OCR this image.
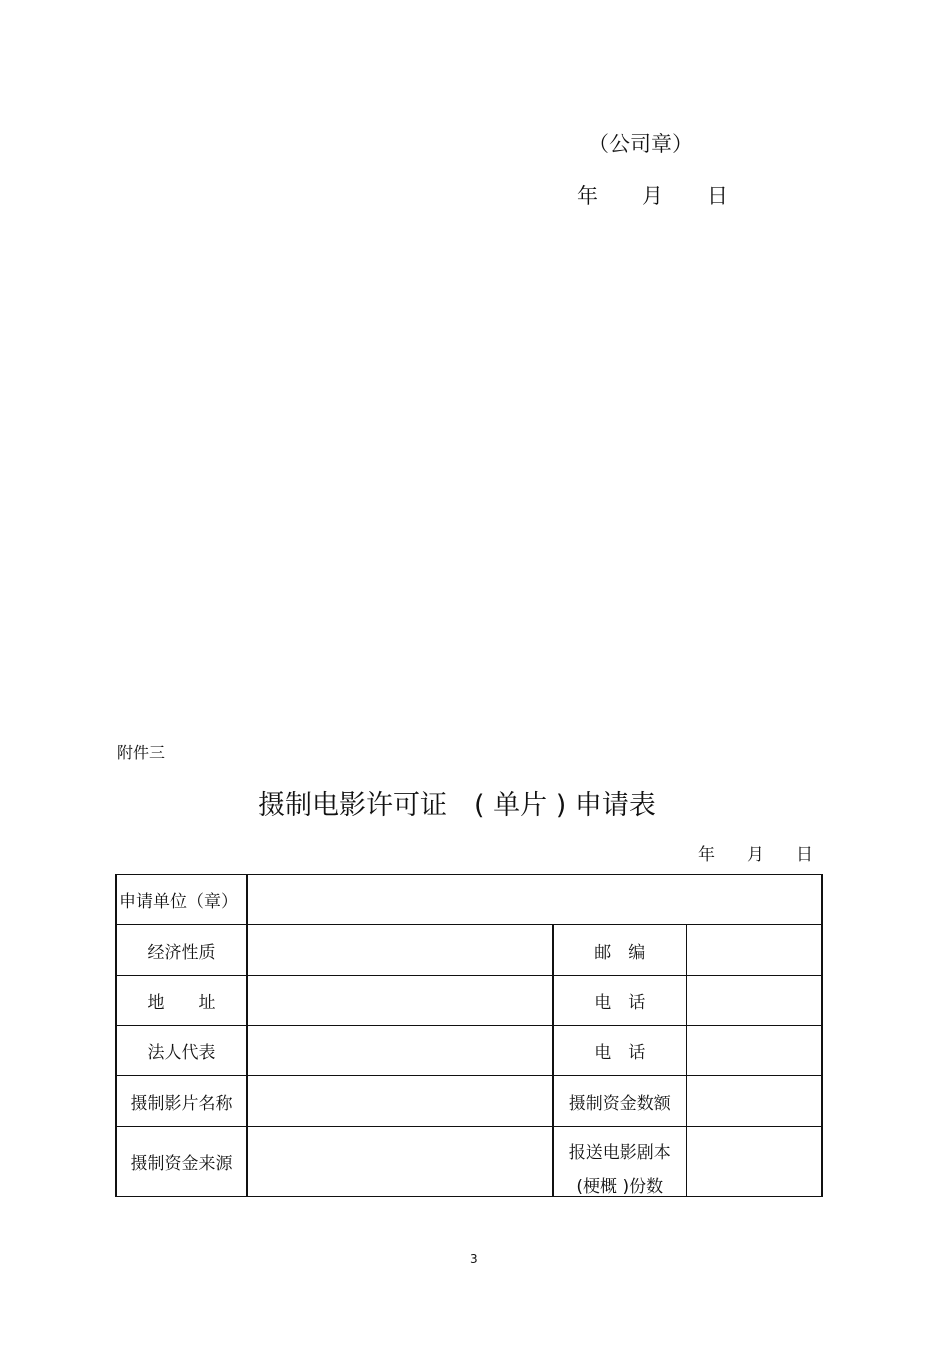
（公司章）
年 月 日
附件三
摄制电影许可证　( 单片 ) 申请表
年 月 日
申请单位（章）			
经济性质		邮 编	
地 址		电 话	
法人代表		电 话	
摄制影片名称		摄制资金数额	
摄制资金来源		报送电影剧本
(梗概 )份数	

3
